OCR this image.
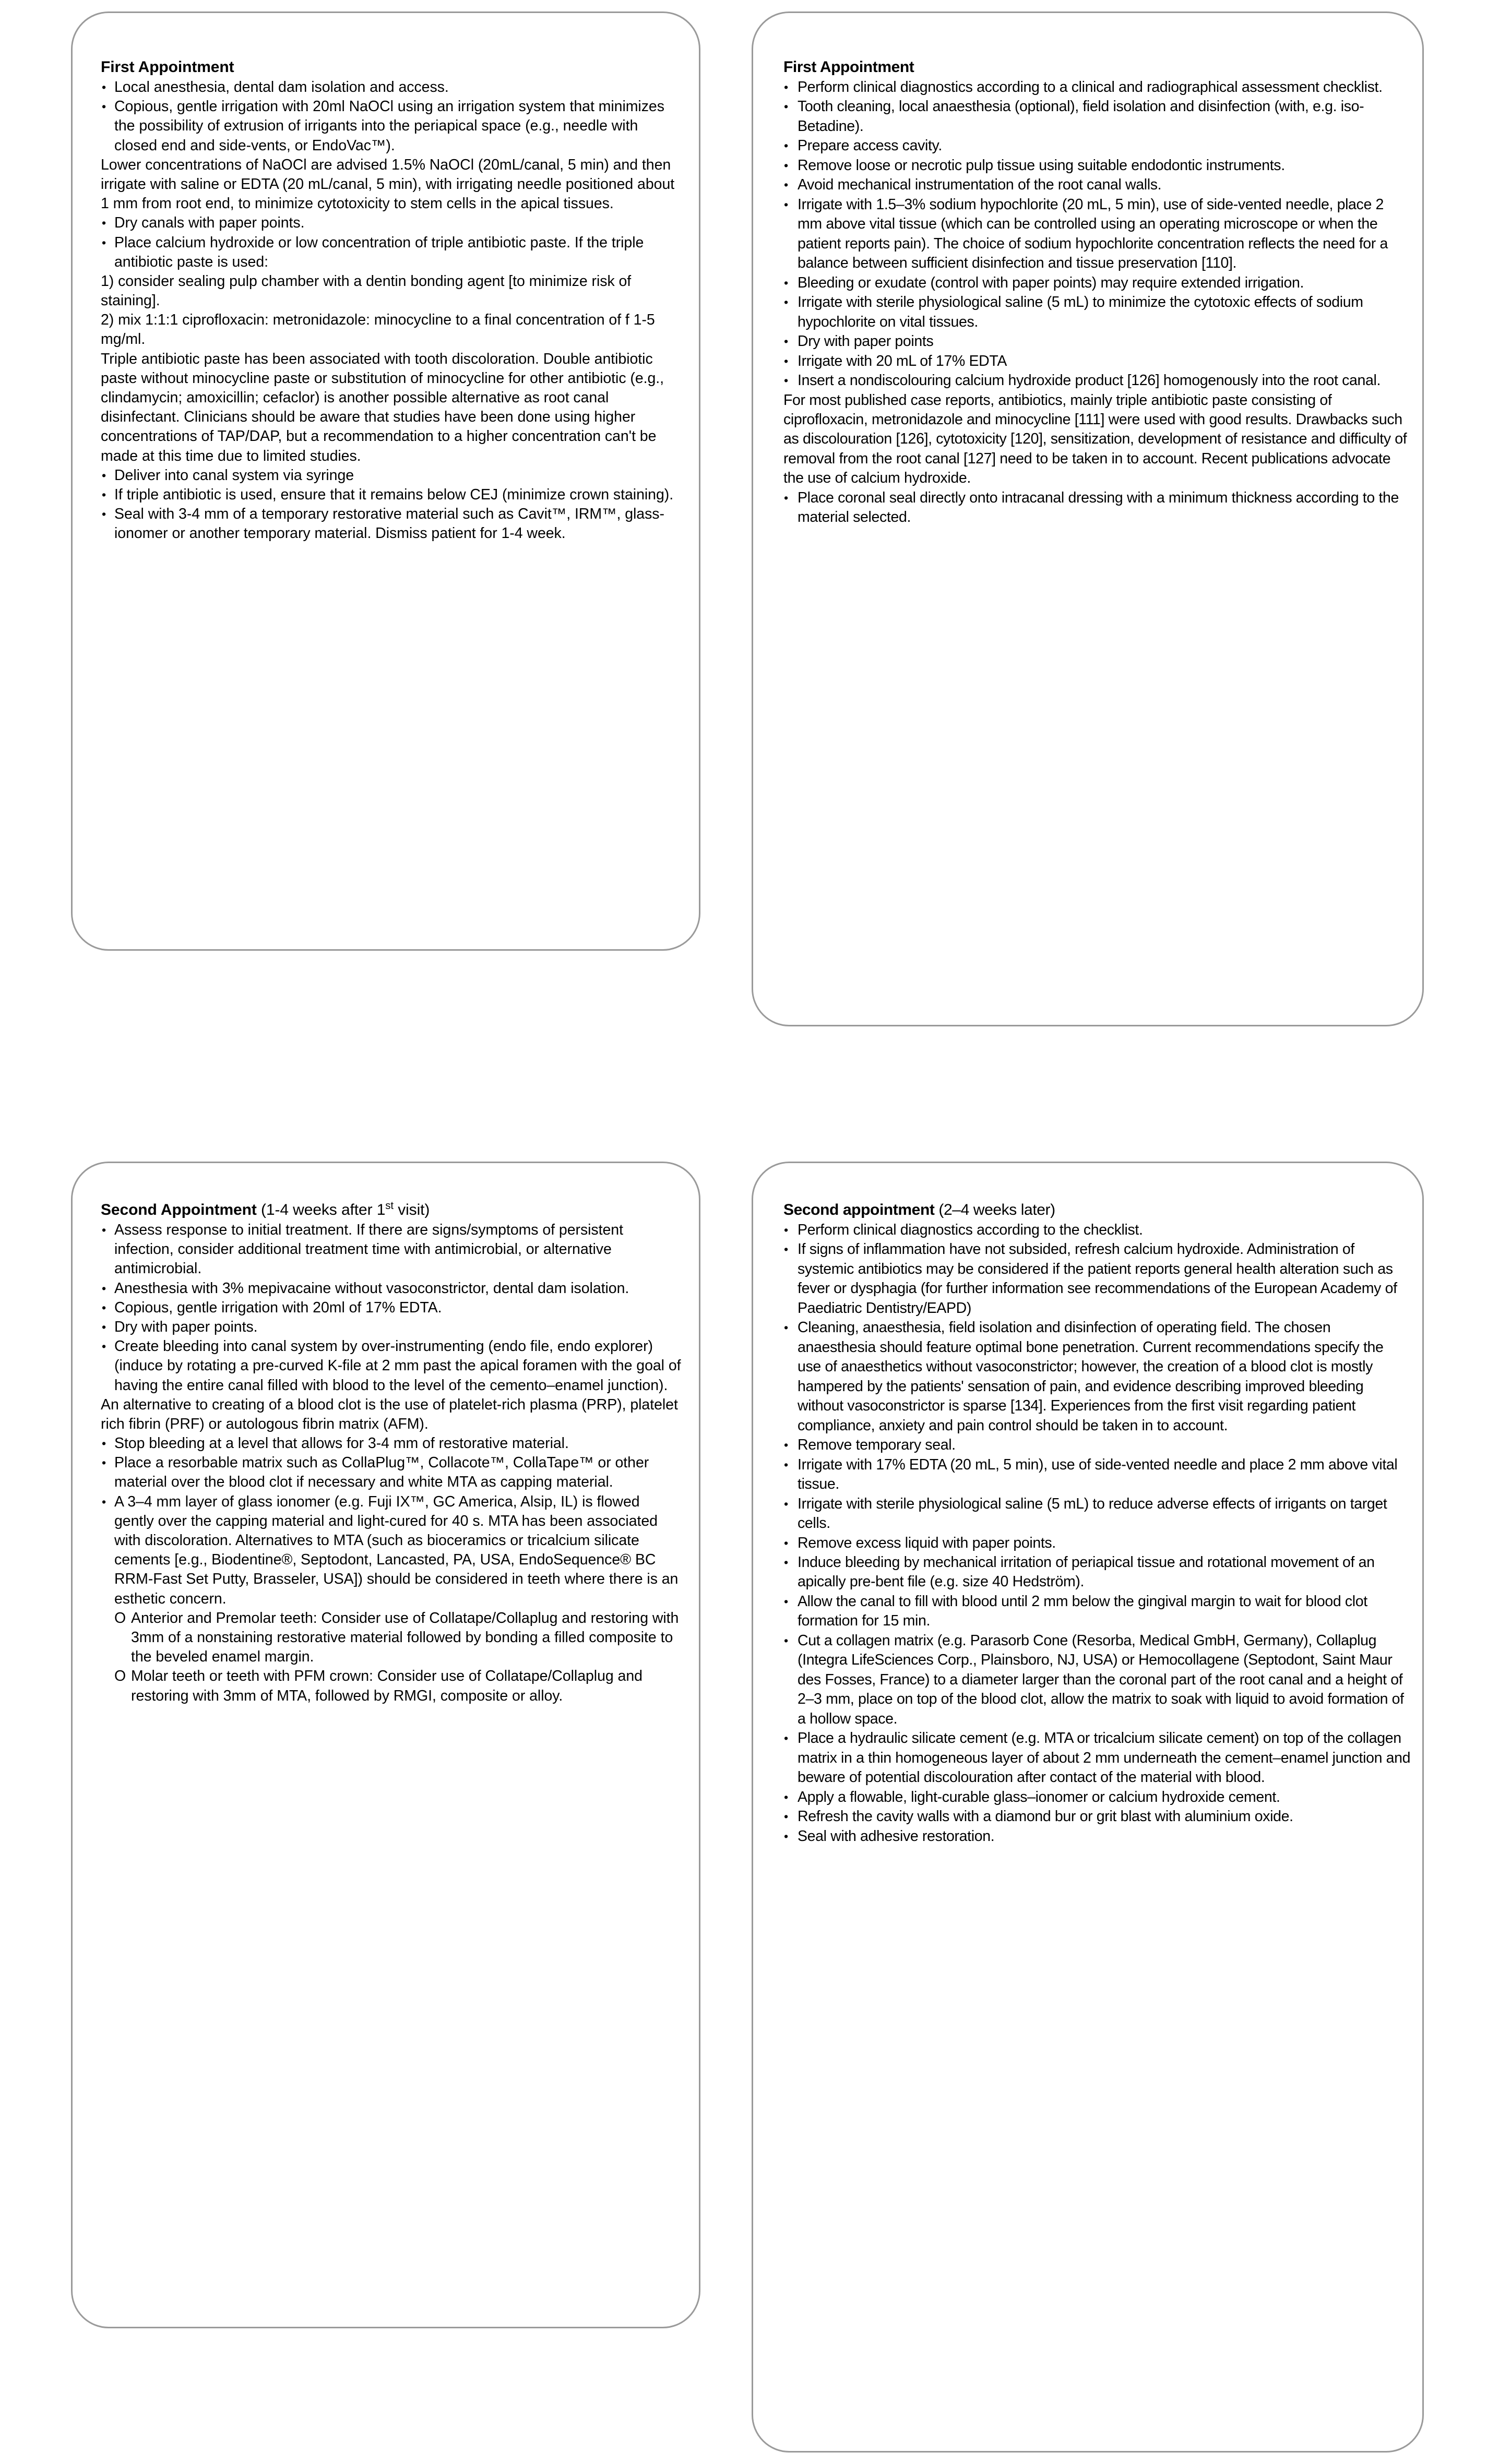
First Appointment

• Local anesthesia, dental dam isolation and access.

• Copious, gentle irrigation with 20ml NaOCl using an irrigation system that minimizes the possibility of extrusion of irrigants into the periapical space (e.g., needle with closed end and side-vents, or EndoVac™).

Lower concentrations of NaOCl are advised 1.5% NaOCl (20mL/canal, 5 min) and then irrigate with saline or EDTA (20 mL/canal, 5 min), with irrigating needle positioned about 1 mm from root end, to minimize cytotoxicity to stem cells in the apical tissues.

• Dry canals with paper points.

• Place calcium hydroxide or low concentration of triple antibiotic paste. If the triple antibiotic paste is used:

1) consider sealing pulp chamber with a dentin bonding agent [to minimize risk of staining].

2) mix 1:1:1 ciprofloxacin: metronidazole: minocycline to a final concentration of f 1-5 mg/ml.

Triple antibiotic paste has been associated with tooth discoloration. Double antibiotic paste without minocycline paste or substitution of minocycline for other antibiotic (e.g., clindamycin; amoxicillin; cefaclor) is another possible alternative as root canal disinfectant. Clinicians should be aware that studies have been done using higher concentrations of TAP/DAP, but a recommendation to a higher concentration can't be made at this time due to limited studies.

• Deliver into canal system via syringe

• If triple antibiotic is used, ensure that it remains below CEJ (minimize crown staining).

• Seal with 3-4 mm of a temporary restorative material such as Cavit™, IRM™, glass-ionomer or another temporary material. Dismiss patient for 1-4 week.

First Appointment

• Perform clinical diagnostics according to a clinical and radiographical assessment checklist.

• Tooth cleaning, local anaesthesia (optional), field isolation and disinfection (with, e.g. iso-Betadine).

• Prepare access cavity.

• Remove loose or necrotic pulp tissue using suitable endodontic instruments.

• Avoid mechanical instrumentation of the root canal walls.

• Irrigate with 1.5–3% sodium hypochlorite (20 mL, 5 min), use of side-vented needle, place 2 mm above vital tissue (which can be controlled using an operating microscope or when the patient reports pain). The choice of sodium hypochlorite concentration reflects the need for a balance between sufficient disinfection and tissue preservation [110].

• Bleeding or exudate (control with paper points) may require extended irrigation.

• Irrigate with sterile physiological saline (5 mL) to minimize the cytotoxic effects of sodium hypochlorite on vital tissues.

• Dry with paper points

• Irrigate with 20 mL of 17% EDTA

• Insert a nondiscolouring calcium hydroxide product [126] homogenously into the root canal.

For most published case reports, antibiotics, mainly triple antibiotic paste consisting of ciprofloxacin, metronidazole and minocycline [111] were used with good results. Drawbacks such as discolouration [126], cytotoxicity [120], sensitization, development of resistance and difficulty of removal from the root canal [127] need to be taken in to account. Recent publications advocate the use of calcium hydroxide.

• Place coronal seal directly onto intracanal dressing with a minimum thickness according to the material selected.

Second Appointment (1-4 weeks after 1st visit)

• Assess response to initial treatment. If there are signs/symptoms of persistent infection, consider additional treatment time with antimicrobial, or alternative antimicrobial.

• Anesthesia with 3% mepivacaine without vasoconstrictor, dental dam isolation.

• Copious, gentle irrigation with 20ml of 17% EDTA.

• Dry with paper points.

• Create bleeding into canal system by over-instrumenting (endo file, endo explorer) (induce by rotating a pre-curved K-file at 2 mm past the apical foramen with the goal of having the entire canal filled with blood to the level of the cemento–enamel junction).

An alternative to creating of a blood clot is the use of platelet-rich plasma (PRP), platelet rich fibrin (PRF) or autologous fibrin matrix (AFM).

• Stop bleeding at a level that allows for 3-4 mm of restorative material.

• Place a resorbable matrix such as CollaPlug™, Collacote™, CollaTape™ or other material over the blood clot if necessary and white MTA as capping material.

• A 3–4 mm layer of glass ionomer (e.g. Fuji IX™, GC America, Alsip, IL) is flowed gently over the capping material and light-cured for 40 s. MTA has been associated with discoloration. Alternatives to MTA (such as bioceramics or tricalcium silicate cements [e.g., Biodentine®, Septodont, Lancasted, PA, USA, EndoSequence® BC RRM-Fast Set Putty, Brasseler, USA]) should be considered in teeth where there is an esthetic concern.

O Anterior and Premolar teeth: Consider use of Collatape/Collaplug and restoring with 3mm of a nonstaining restorative material followed by bonding a filled composite to the beveled enamel margin.

O Molar teeth or teeth with PFM crown: Consider use of Collatape/Collaplug and restoring with 3mm of MTA, followed by RMGI, composite or alloy.

Second appointment (2–4 weeks later)

• Perform clinical diagnostics according to the checklist.

• If signs of inflammation have not subsided, refresh calcium hydroxide. Administration of systemic antibiotics may be considered if the patient reports general health alteration such as fever or dysphagia (for further information see recommendations of the European Academy of Paediatric Dentistry/EAPD)

• Cleaning, anaesthesia, field isolation and disinfection of operating field. The chosen anaesthesia should feature optimal bone penetration. Current recommendations specify the use of anaesthetics without vasoconstrictor; however, the creation of a blood clot is mostly hampered by the patients' sensation of pain, and evidence describing improved bleeding without vasoconstrictor is sparse [134]. Experiences from the first visit regarding patient compliance, anxiety and pain control should be taken in to account.

• Remove temporary seal.

• Irrigate with 17% EDTA (20 mL, 5 min), use of side-vented needle and place 2 mm above vital tissue.

• Irrigate with sterile physiological saline (5 mL) to reduce adverse effects of irrigants on target cells.

• Remove excess liquid with paper points.

• Induce bleeding by mechanical irritation of periapical tissue and rotational movement of an apically pre-bent file (e.g. size 40 Hedström).

• Allow the canal to fill with blood until 2 mm below the gingival margin to wait for blood clot formation for 15 min.

• Cut a collagen matrix (e.g. Parasorb Cone (Resorba, Medical GmbH, Germany), Collaplug (Integra LifeSciences Corp., Plainsboro, NJ, USA) or Hemocollagene (Septodont, Saint Maur des Fosses, France) to a diameter larger than the coronal part of the root canal and a height of 2–3 mm, place on top of the blood clot, allow the matrix to soak with liquid to avoid formation of a hollow space.

• Place a hydraulic silicate cement (e.g. MTA or tricalcium silicate cement) on top of the collagen matrix in a thin homogeneous layer of about 2 mm underneath the cement–enamel junction and beware of potential discolouration after contact of the material with blood.

• Apply a flowable, light-curable glass–ionomer or calcium hydroxide cement.

• Refresh the cavity walls with a diamond bur or grit blast with aluminium oxide.

• Seal with adhesive restoration.
